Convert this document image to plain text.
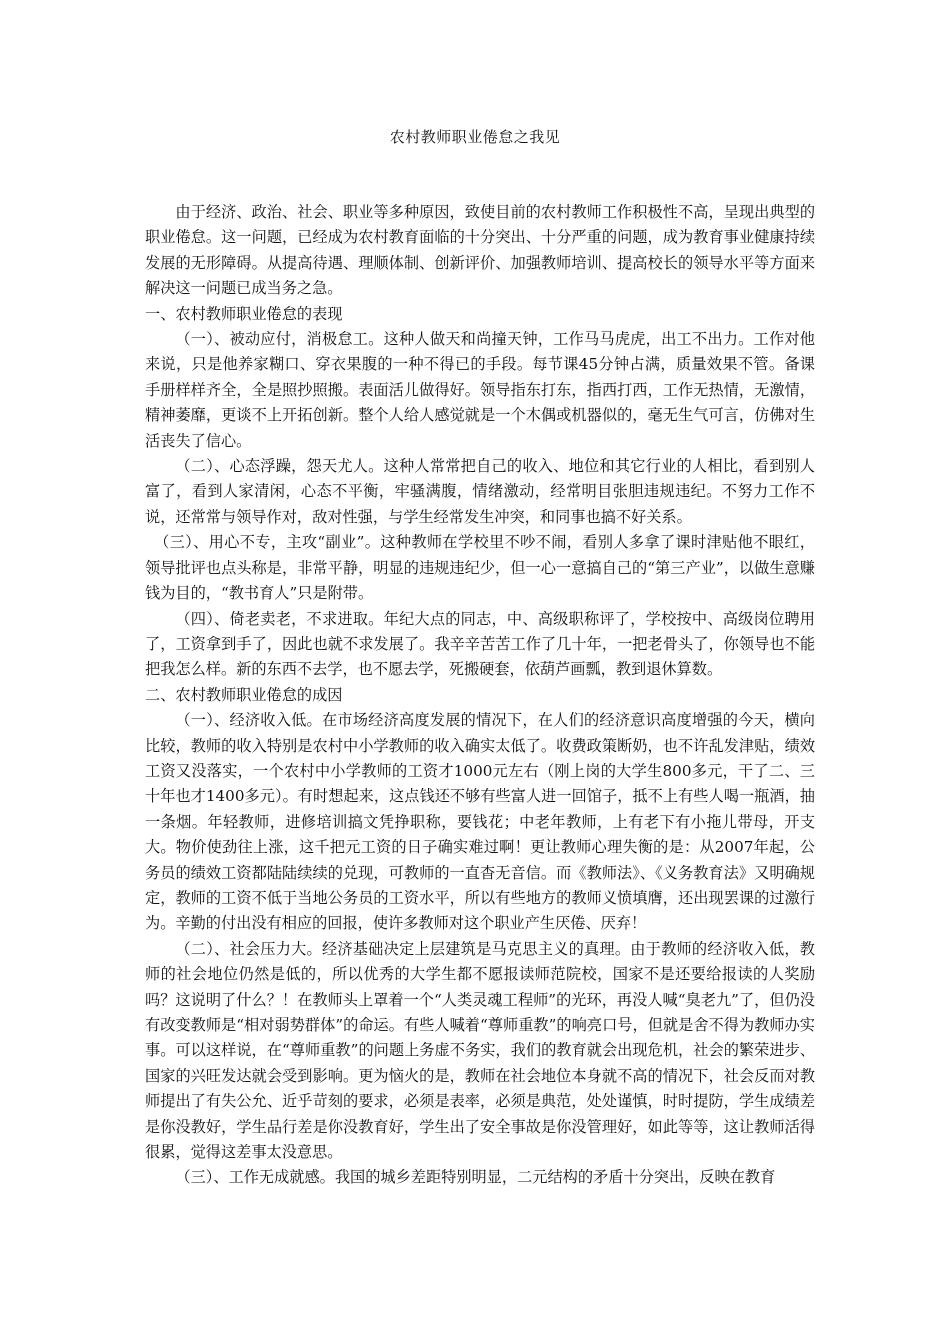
农村教师职业倦怠之我见

由于经济、政治、社会、职业等多种原因，致使目前的农村教师工作积极性不高，呈现出典型的职业倦怠。这一问题，已经成为农村教育面临的十分突出、十分严重的问题，成为教育事业健康持续发展的无形障碍。从提高待遇、理顺体制、创新评价、加强教师培训、提高校长的领导水平等方面来解决这一问题已成当务之急。

一、农村教师职业倦怠的表现

（一）、被动应付，消极怠工。这种人做天和尚撞天钟，工作马马虎虎，出工不出力。工作对他来说，只是他养家糊口、穿衣果腹的一种不得已的手段。每节课45分钟占满，质量效果不管。备课手册样样齐全，全是照抄照搬。表面活儿做得好。领导指东打东，指西打西，工作无热情，无激情，精神萎靡，更谈不上开拓创新。整个人给人感觉就是一个木偶或机器似的，毫无生气可言，仿佛对生活丧失了信心。

（二）、心态浮躁，怨天尤人。这种人常常把自己的收入、地位和其它行业的人相比，看到别人富了，看到人家清闲，心态不平衡，牢骚满腹，情绪激动，经常明目张胆违规违纪。不努力工作不说，还常常与领导作对，敌对性强，与学生经常发生冲突，和同事也搞不好关系。

（三）、用心不专，主攻“副业”。这种教师在学校里不吵不闹，看别人多拿了课时津贴他不眼红，领导批评也点头称是，非常平静，明显的违规违纪少，但一心一意搞自己的“第三产业”，以做生意赚钱为目的，“教书育人”只是附带。

（四）、倚老卖老，不求进取。年纪大点的同志，中、高级职称评了，学校按中、高级岗位聘用了，工资拿到手了，因此也就不求发展了。我辛辛苦苦工作了几十年，一把老骨头了，你领导也不能把我怎么样。新的东西不去学，也不愿去学，死搬硬套，依葫芦画瓢，教到退休算数。

二、农村教师职业倦怠的成因

（一）、经济收入低。在市场经济高度发展的情况下，在人们的经济意识高度增强的今天，横向比较，教师的收入特别是农村中小学教师的收入确实太低了。收费政策断奶，也不许乱发津贴，绩效工资又没落实，一个农村中小学教师的工资才1000元左右（刚上岗的大学生800多元，干了二、三十年也才1400多元）。有时想起来，这点钱还不够有些富人进一回馆子，抵不上有些人喝一瓶酒，抽一条烟。年轻教师，进修培训搞文凭挣职称，要钱花；中老年教师，上有老下有小拖儿带母，开支大。物价使劲往上涨，这千把元工资的日子确实难过啊！更让教师心理失衡的是：从2007年起，公务员的绩效工资都陆陆续续的兑现，可教师的一直杳无音信。而《教师法》、《义务教育法》又明确规定，教师的工资不低于当地公务员的工资水平，所以有些地方的教师义愤填膺，还出现罢课的过激行为。辛勤的付出没有相应的回报，使许多教师对这个职业产生厌倦、厌弃！

（二）、社会压力大。经济基础决定上层建筑是马克思主义的真理。由于教师的经济收入低，教师的社会地位仍然是低的，所以优秀的大学生都不愿报读师范院校，国家不是还要给报读的人奖励吗？这说明了什么？！在教师头上罩着一个“人类灵魂工程师”的光环，再没人喊“臭老九”了，但仍没有改变教师是“相对弱势群体”的命运。有些人喊着“尊师重教”的响亮口号，但就是舍不得为教师办实事。可以这样说，在“尊师重教”的问题上务虚不务实，我们的教育就会出现危机，社会的繁荣进步、国家的兴旺发达就会受到影响。更为恼火的是，教师在社会地位本身就不高的情况下，社会反而对教师提出了有失公允、近乎苛刻的要求，必须是表率，必须是典范，处处谨慎，时时提防，学生成绩差是你没教好，学生品行差是你没教育好，学生出了安全事故是你没管理好，如此等等，这让教师活得很累，觉得这差事太没意思。

（三）、工作无成就感。我国的城乡差距特别明显，二元结构的矛盾十分突出，反映在教育
